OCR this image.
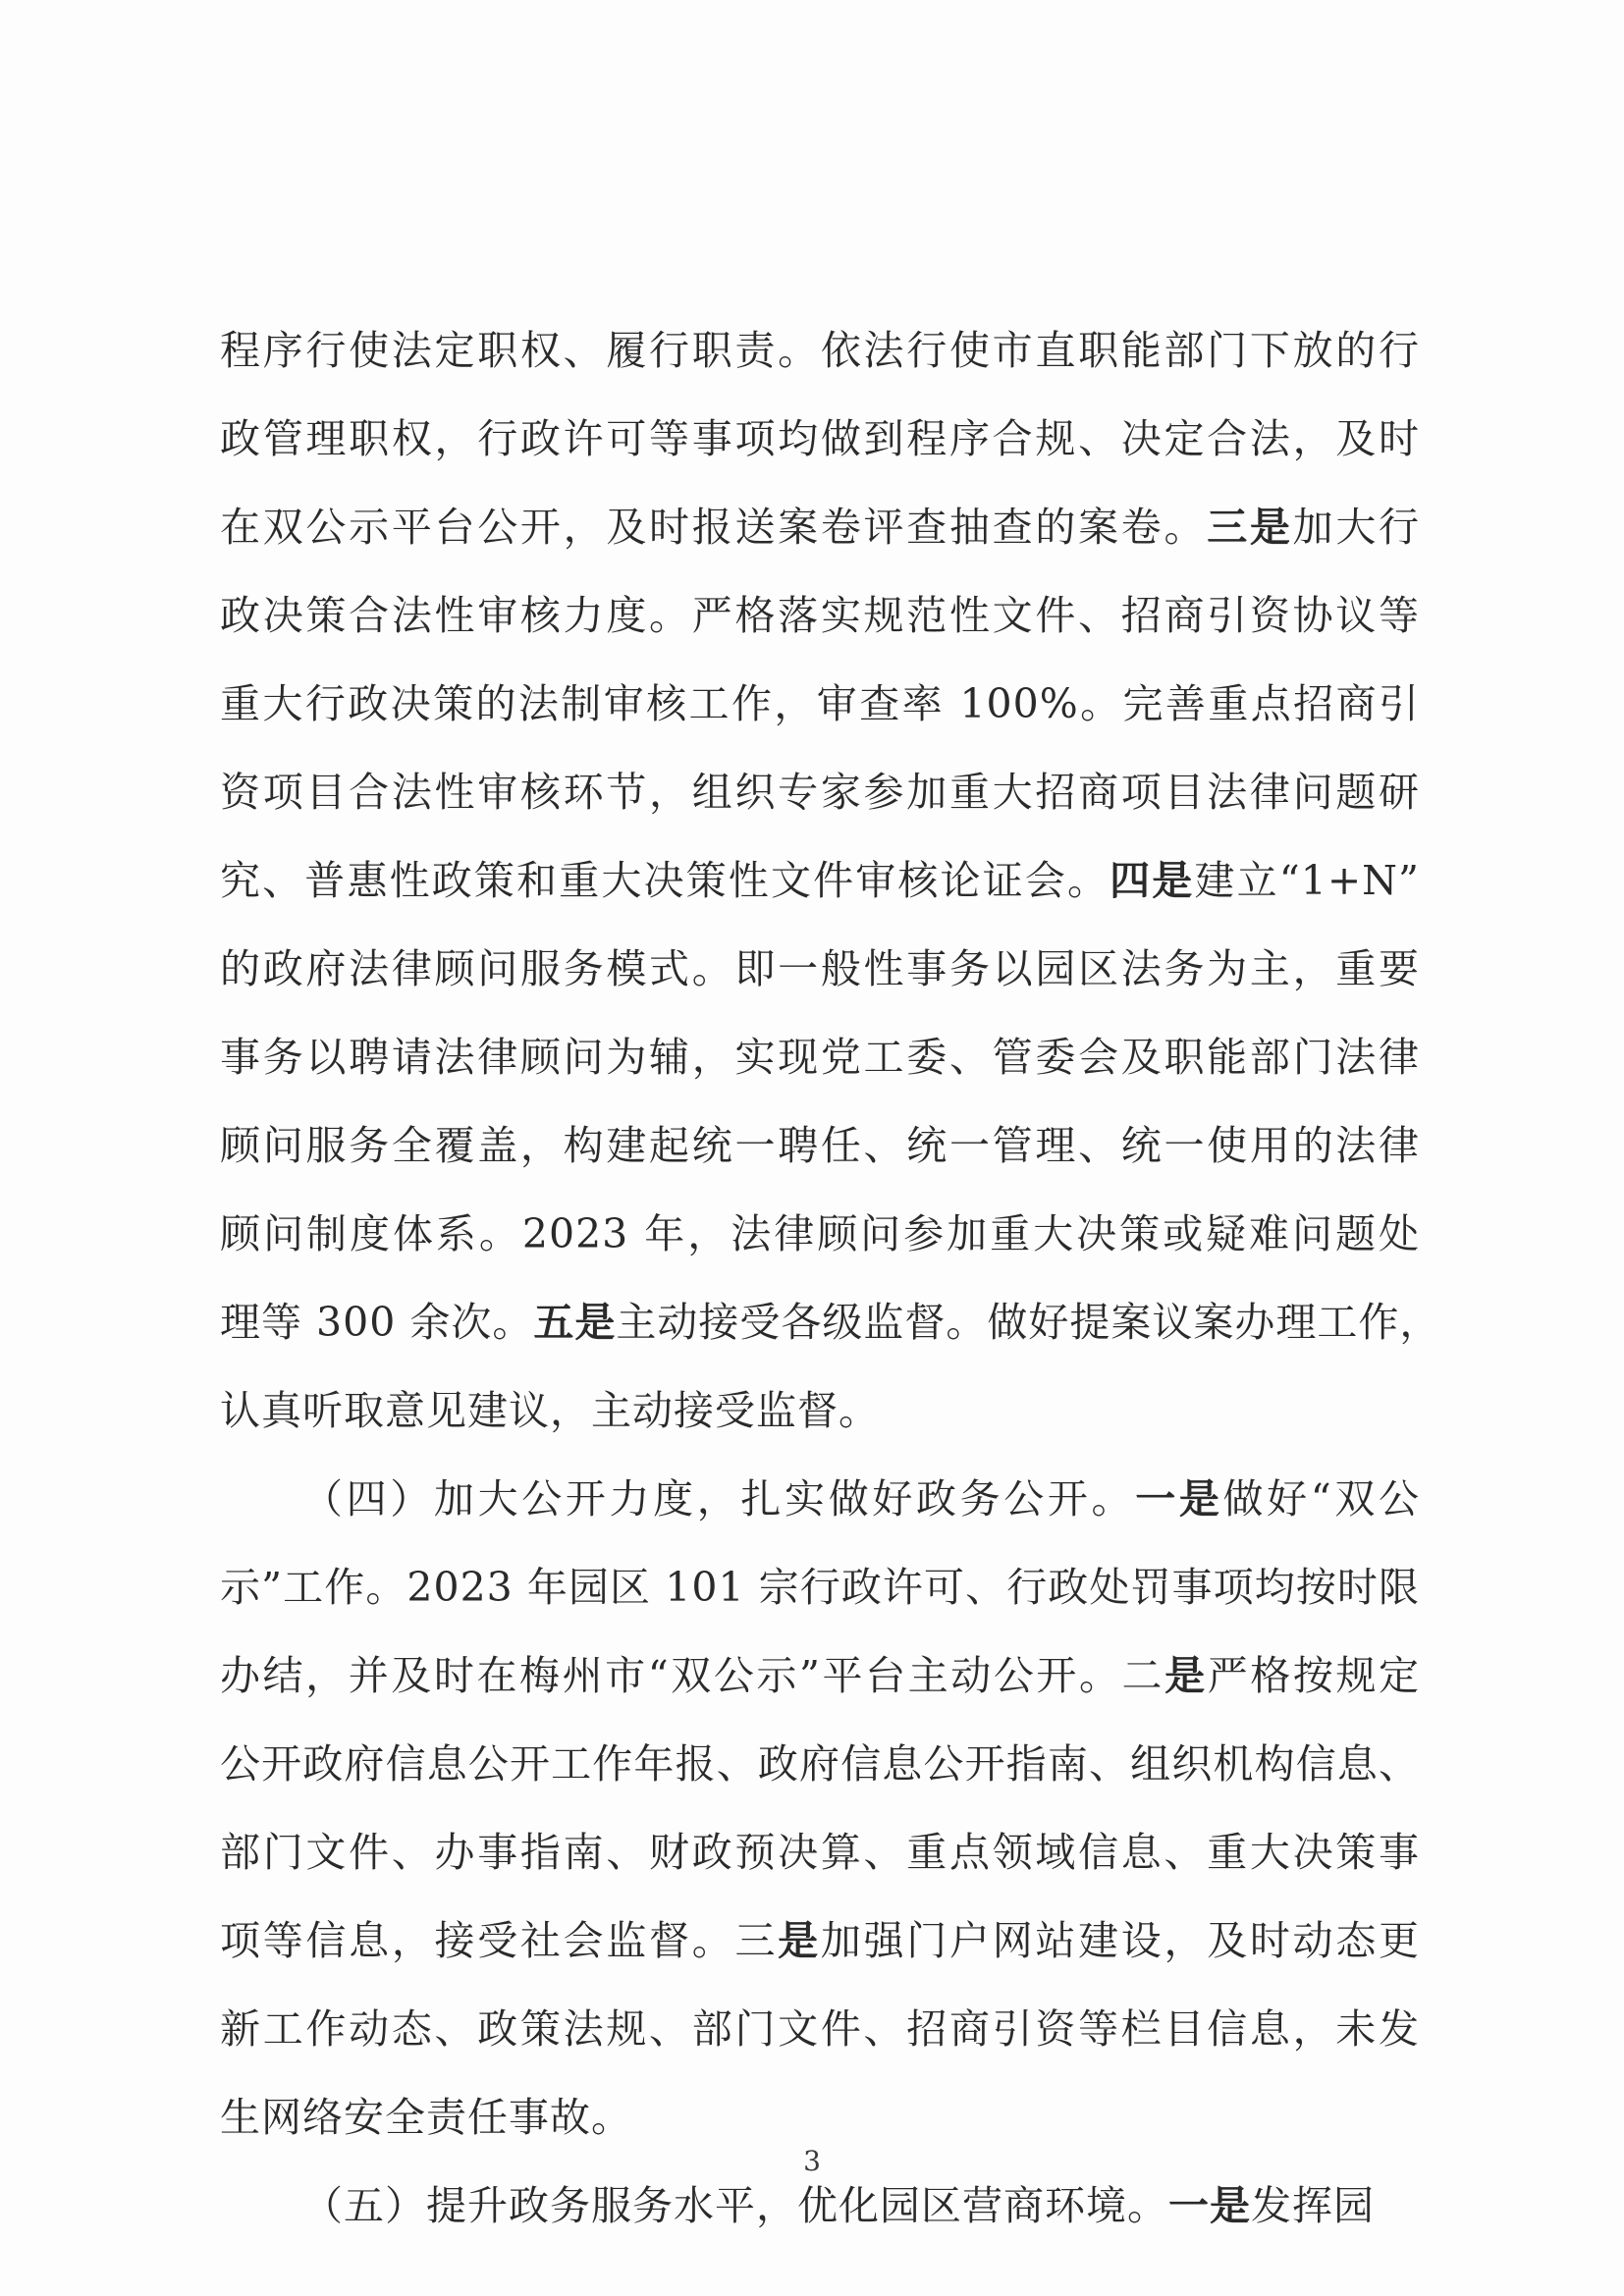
程序行使法定职权、履行职责。依法行使市直职能部门下放的行
政管理职权，行政许可等事项均做到程序合规、决定合法，及时
在双公示平台公开，及时报送案卷评查抽查的案卷。三是加大行
政决策合法性审核力度。严格落实规范性文件、招商引资协议等
重大行政决策的法制审核工作，审查率 100%。完善重点招商引
资项目合法性审核环节，组织专家参加重大招商项目法律问题研
究、普惠性政策和重大决策性文件审核论证会。四是建立“1+N”
的政府法律顾问服务模式。即一般性事务以园区法务为主，重要
事务以聘请法律顾问为辅，实现党工委、管委会及职能部门法律
顾问服务全覆盖，构建起统一聘任、统一管理、统一使用的法律
顾问制度体系。2023 年，法律顾问参加重大决策或疑难问题处
理等 300 余次。五是主动接受各级监督。做好提案议案办理工作，
认真听取意见建议，主动接受监督。
（四）加大公开力度，扎实做好政务公开。一是做好“双公
示”工作。2023 年园区 101 宗行政许可、行政处罚事项均按时限
办结，并及时在梅州市“双公示”平台主动公开。二是严格按规定
公开政府信息公开工作年报、政府信息公开指南、组织机构信息、
部门文件、办事指南、财政预决算、重点领域信息、重大决策事
项等信息，接受社会监督。三是加强门户网站建设，及时动态更
新工作动态、政策法规、部门文件、招商引资等栏目信息，未发
生网络安全责任事故。
（五）提升政务服务水平，优化园区营商环境。一是发挥园
3
